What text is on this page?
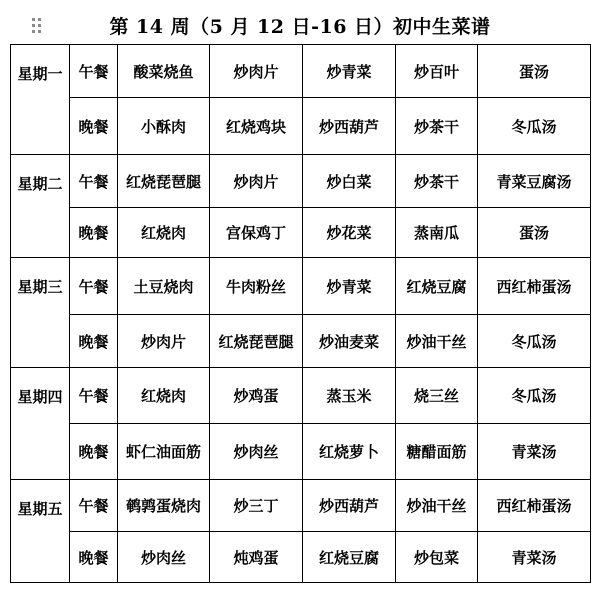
第 14 周（5 月 12 日-16 日）初中生菜谱
星期一	午餐	酸菜烧鱼	炒肉片	炒青菜	炒百叶	蛋汤
	晚餐	小酥肉	红烧鸡块	炒西葫芦	炒茶干	冬瓜汤
星期二	午餐	红烧琵琶腿	炒肉片	炒白菜	炒茶干	青菜豆腐汤
	晚餐	红烧肉	宫保鸡丁	炒花菜	蒸南瓜	蛋汤
星期三	午餐	土豆烧肉	牛肉粉丝	炒青菜	红烧豆腐	西红柿蛋汤
	晚餐	炒肉片	红烧琵琶腿	炒油麦菜	炒油干丝	冬瓜汤
星期四	午餐	红烧肉	炒鸡蛋	蒸玉米	烧三丝	冬瓜汤
	晚餐	虾仁油面筋	炒肉丝	红烧萝卜	糖醋面筋	青菜汤
星期五	午餐	鹌鹑蛋烧肉	炒三丁	炒西葫芦	炒油干丝	西红柿蛋汤
	晚餐	炒肉丝	炖鸡蛋	红烧豆腐	炒包菜	青菜汤
